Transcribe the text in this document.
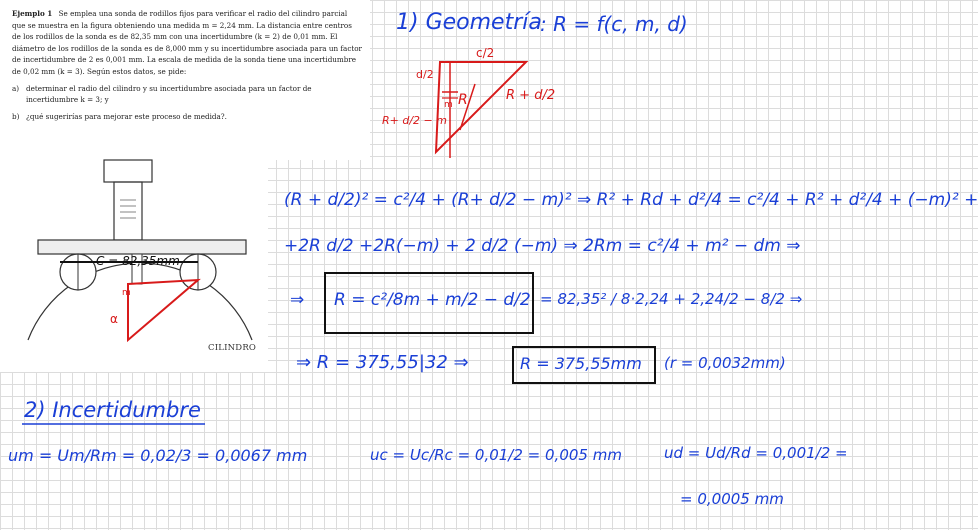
Ejemplo 1 Se emplea una sonda de rodillos fijos para verificar el radio del cilindro parcial que se muestra en la figura obteniendo una medida m = 2,24 mm. La distancia entre centros de los rodillos de la sonda es de 82,35 mm con una incertidumbre (k = 2) de 0,01 mm. El diámetro de los rodillos de la sonda es de 8,000 mm y su incertidumbre asociada para un factor de incertidumbre de 2 es 0,001 mm. La escala de medida de la sonda tiene una incertidumbre de 0,02 mm (k = 3). Según estos datos, se pide:
a) determinar el radio del cilindro y su incertidumbre asociada para un factor de incertidumbre k = 3; y
b) ¿qué sugerirías para mejorar este proceso de medida?.
C = 82,35mm
m
α
CILINDRO
1) Geometría
: R = f(c, m, d)
c/2
d/2
m R	R + d/2
R+ d/2 − m
(R + d/2)² = c²/4 + (R+ d/2 − m)² ⇒ R² + Rd + d²/4 = c²/4 + R² + d²/4 + (−m)² +
+2R d/2 +2R(−m) + 2 d/2 (−m) ⇒ 2Rm = c²/4 + m² − dm ⇒
⇒ R = c²/8m + m/2 − d/2 = 82,35² / 8·2,24 + 2,24/2 − 8/2 ⇒
⇒ R = 375,55|32 ⇒	R = 375,55mm (r = 0,0032mm)
2) Incertidumbre
um = Um/Rm = 0,02/3 = 0,0067 mm	uc = Uc/Rc = 0,01/2 = 0,005 mm	ud = Ud/Rd = 0,001/2 =
= 0,0005 mm
